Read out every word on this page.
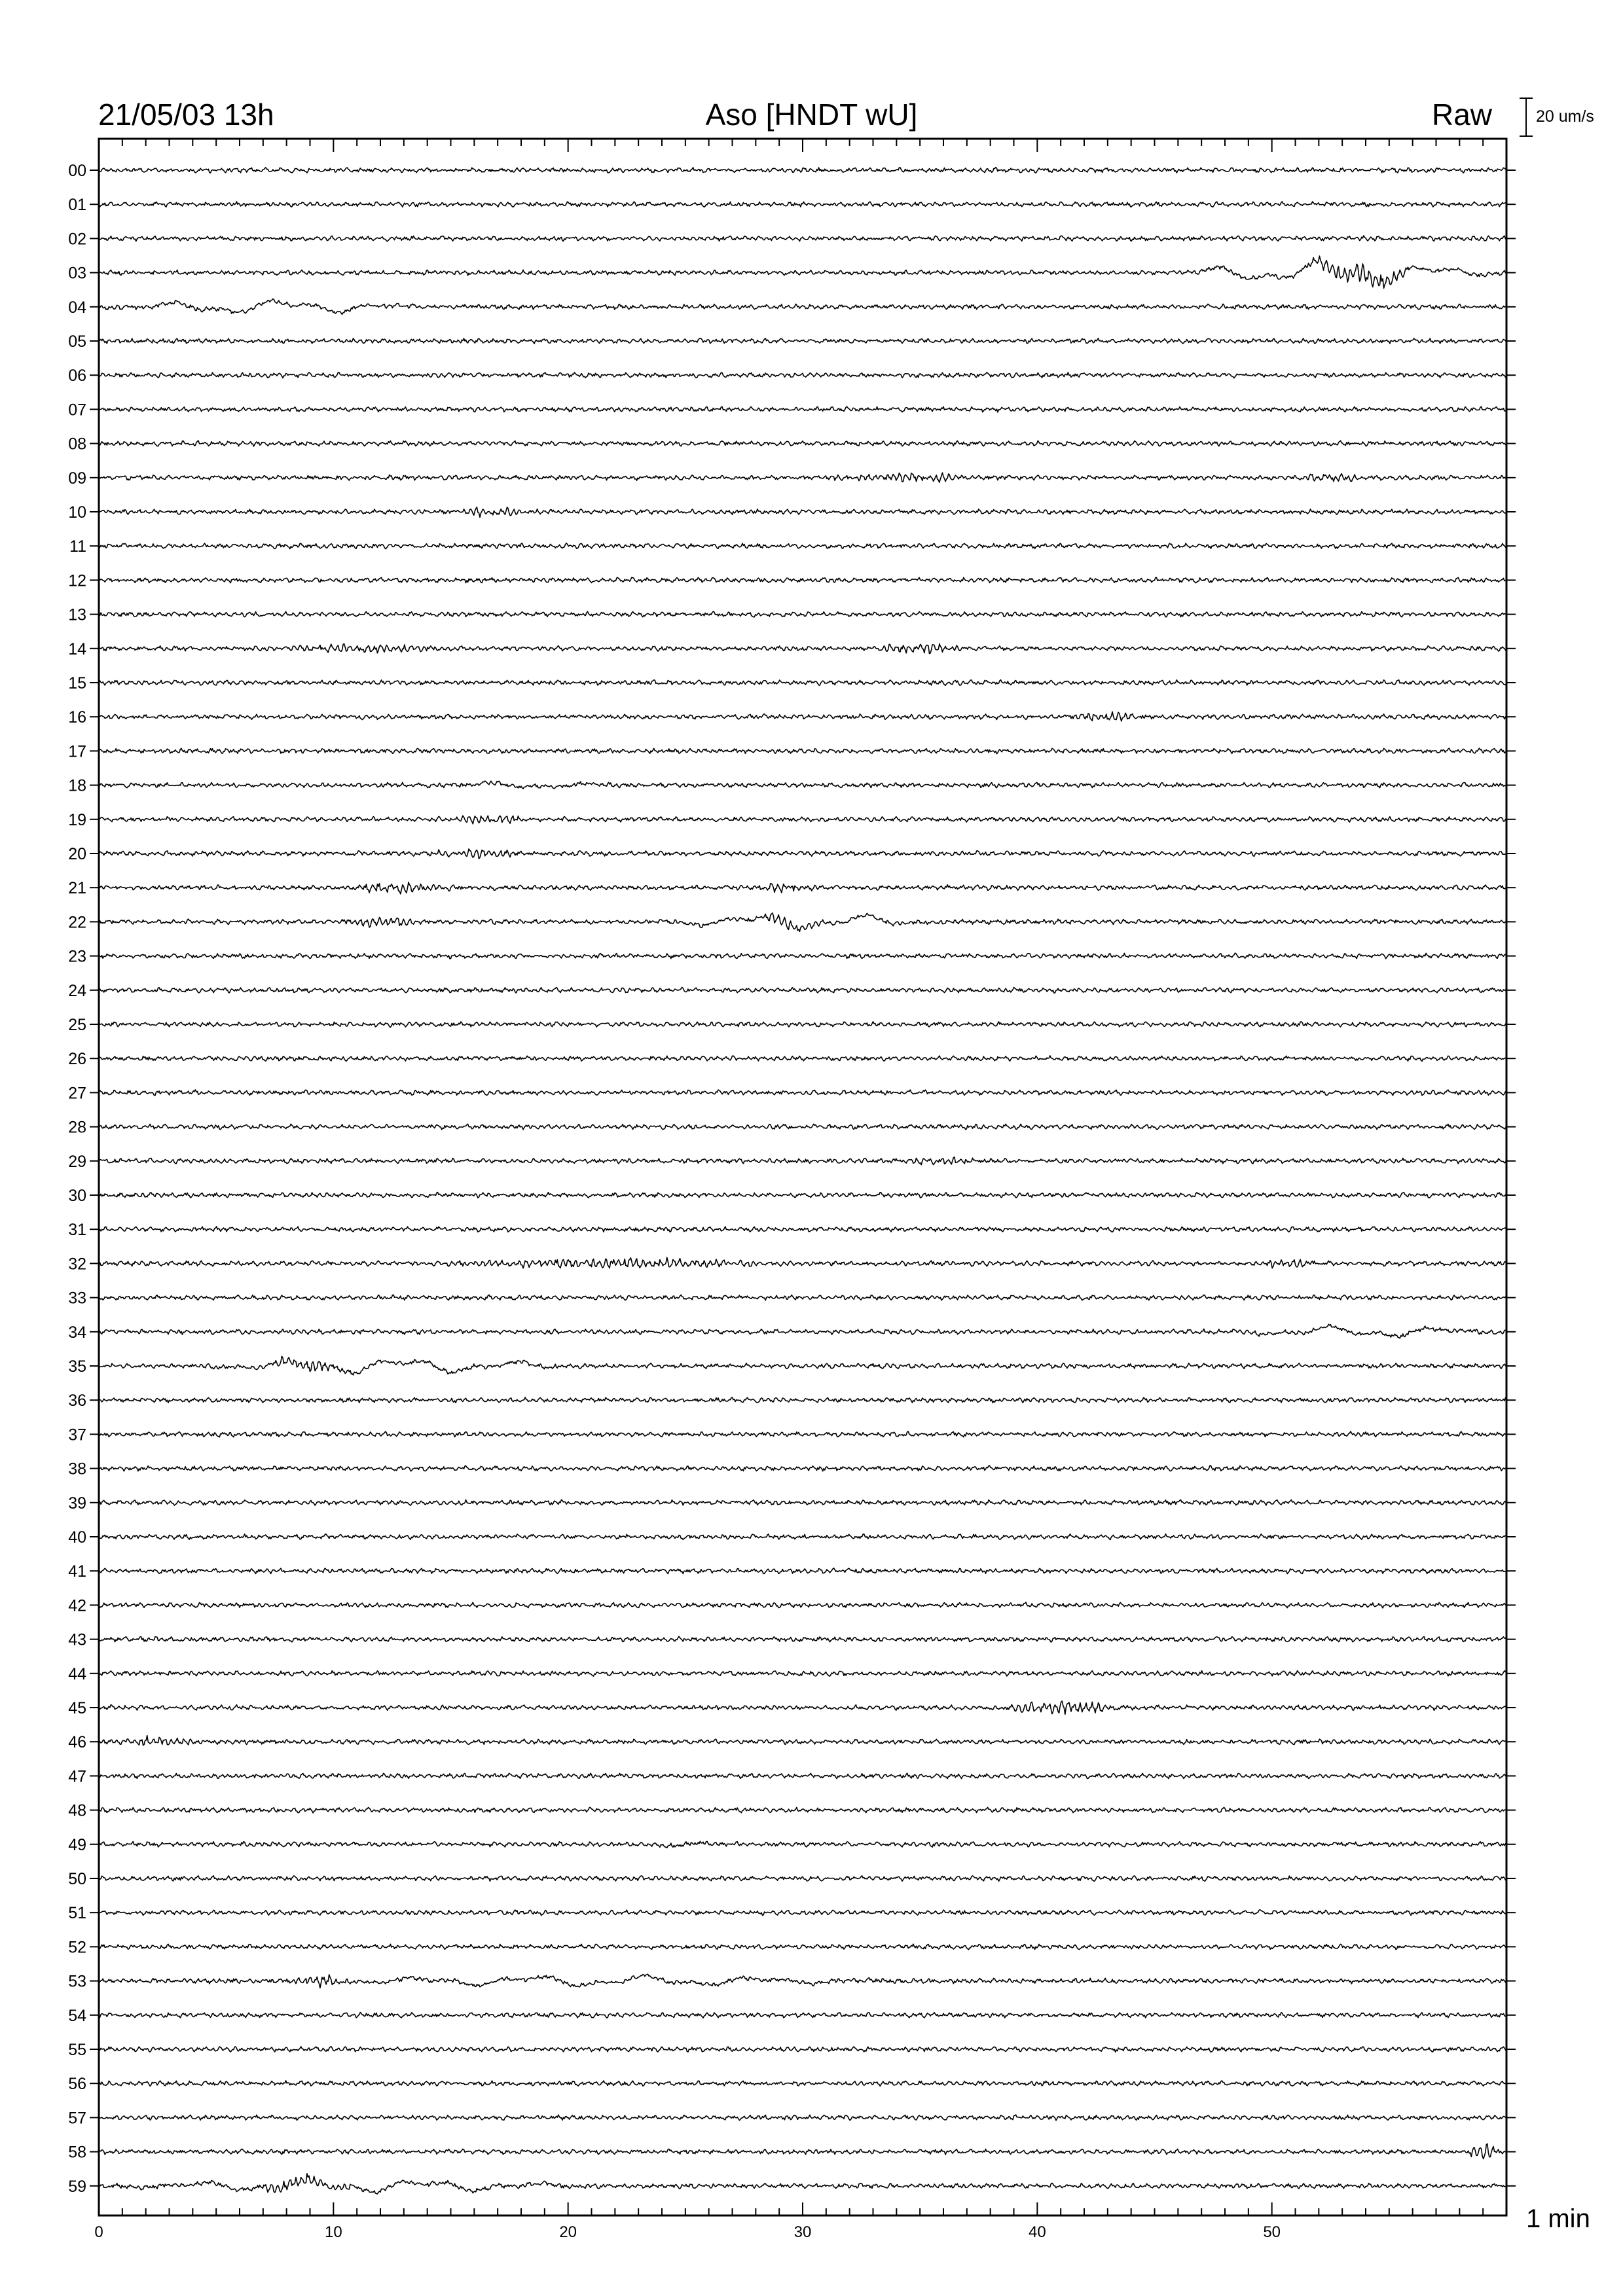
21/05/03 13h	Aso [HNDT wU]	Raw	20 um/s
1 min
0	10	20	30	40	50
00
01
02
03
04
05
06
07
08
09
10
11
12
13
14
15
16
17
18
19
20
21
22
23
24
25
26
27
28
29
30
31
32
33
34
35
36
37
38
39
40
41
42
43
44
45
46
47
48
49
50
51
52
53
54
55
56
57
58
59
